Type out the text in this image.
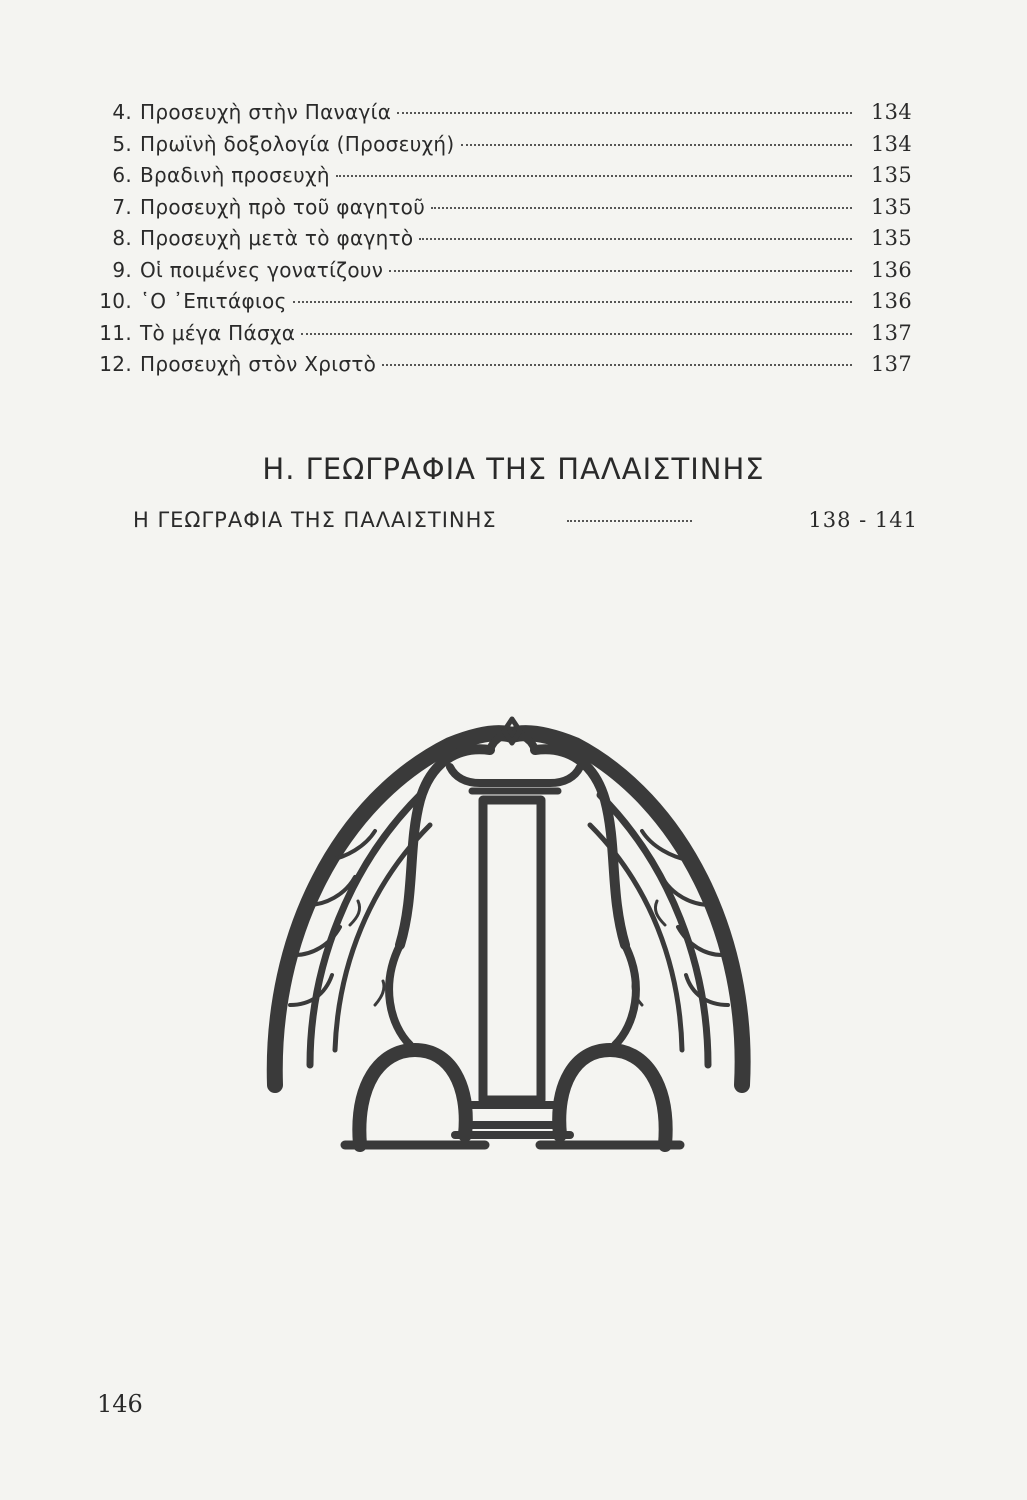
4. Προσευχὴ στὴν Παναγία	134
5. Πρωϊνὴ δοξολογία (Προσευχή)	134
6. Βραδινὴ προσευχὴ	135
7. Προσευχὴ πρὸ τοῦ φαγητοῦ	135
8. Προσευχὴ μετὰ τὸ φαγητὸ	135
9. Οἱ ποιμένες γονατίζουν	136
10. ῾Ο ᾿Επιτάφιος	136
11. Τὸ μέγα Πάσχα	137
12. Προσευχὴ στὸν Χριστὸ	137
Η. ΓΕΩΓΡΑΦΙΑ ΤΗΣ ΠΑΛΑΙΣΤΙΝΗΣ
Η ΓΕΩΓΡΑΦΙΑ ΤΗΣ ΠΑΛΑΙΣΤΙΝΗΣ	138 - 141
146
